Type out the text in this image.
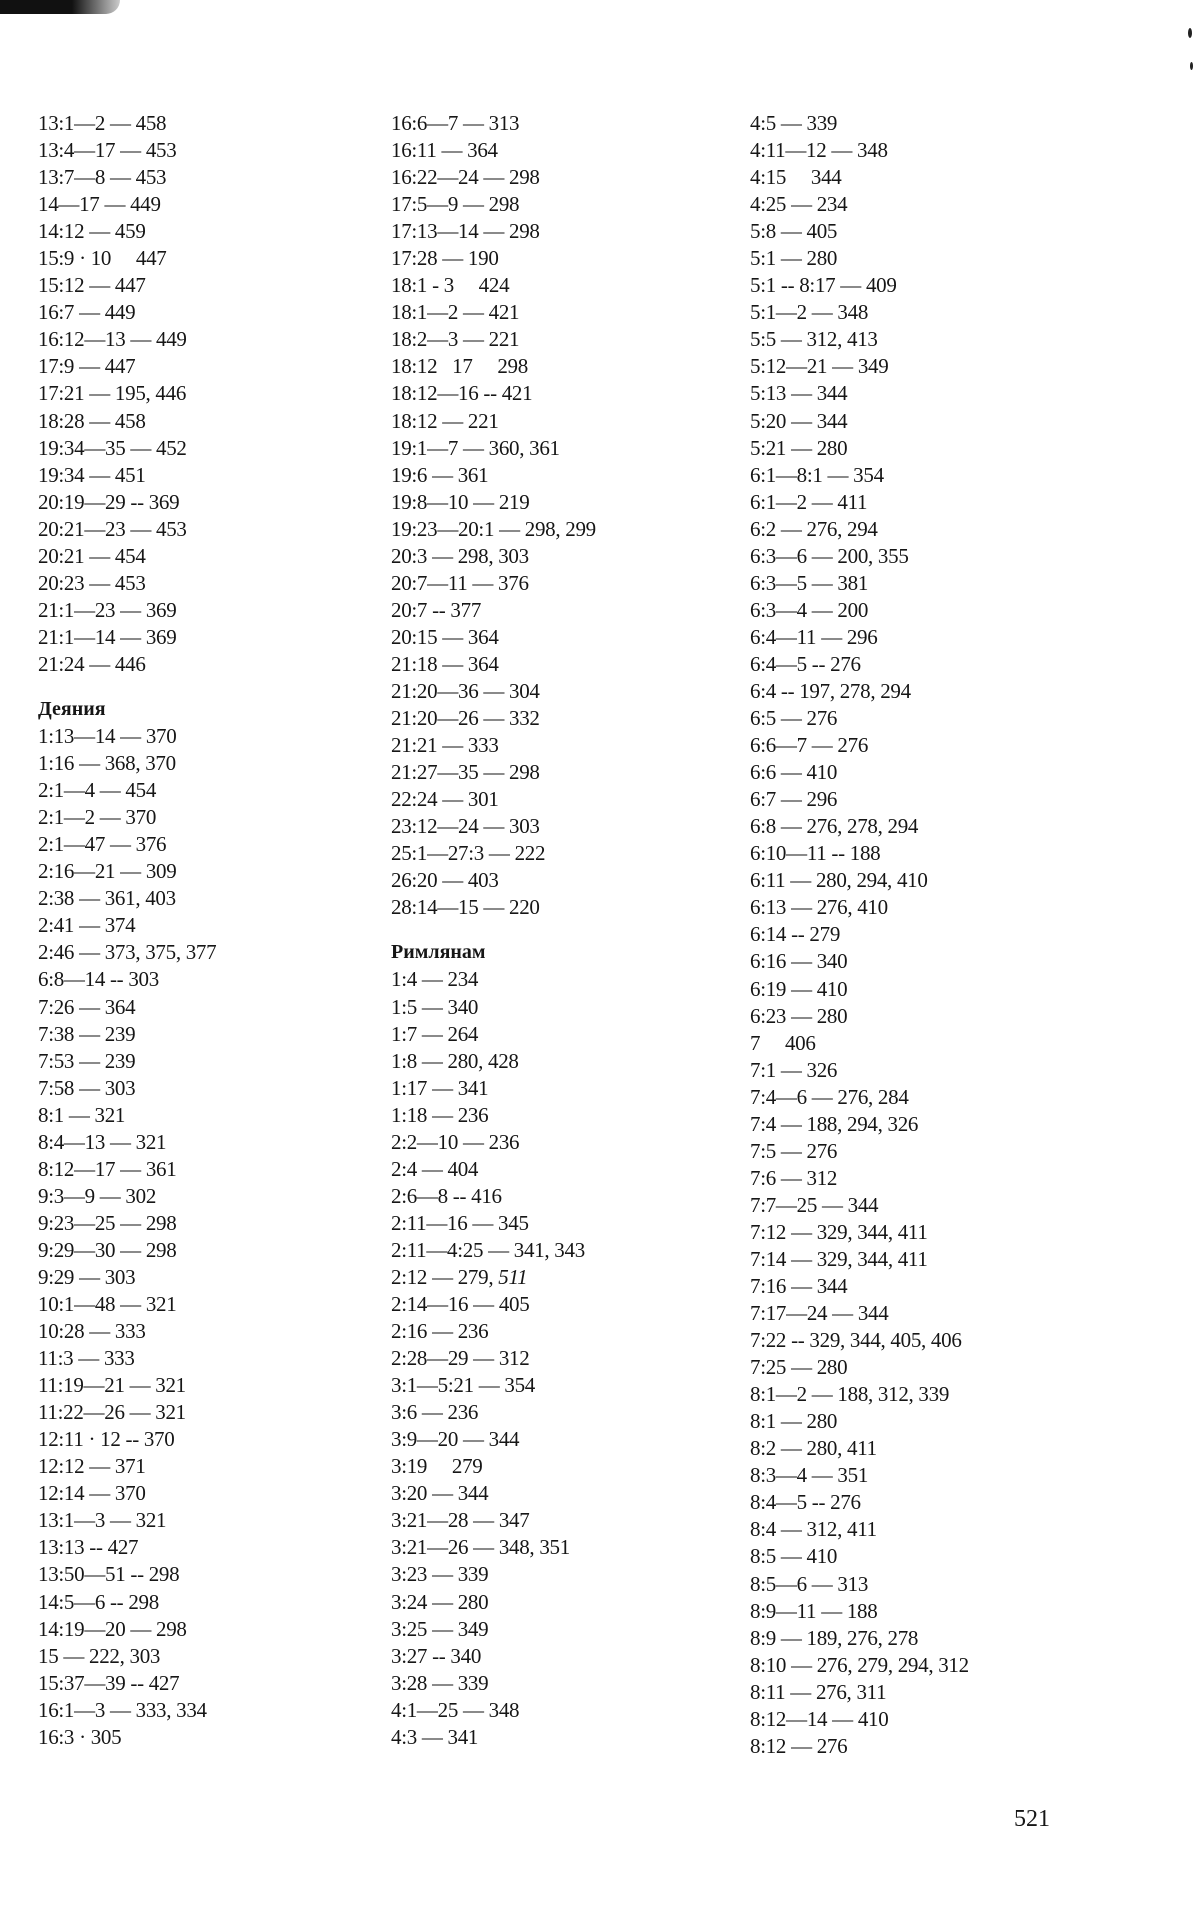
13:1—2 — 458
13:4—17 — 453
13:7—8 — 453
14—17 — 449
14:12 — 459
15:9 · 10     447
15:12 — 447
16:7 — 449
16:12—13 — 449
17:9 — 447
17:21 — 195, 446
18:28 — 458
19:34—35 — 452
19:34 — 451
20:19—29 -- 369
20:21—23 — 453
20:21 — 454
20:23 — 453
21:1—23 — 369
21:1—14 — 369
21:24 — 446
Деяния
1:13—14 — 370
1:16 — 368, 370
2:1—4 — 454
2:1—2 — 370
2:1—47 — 376
2:16—21 — 309
2:38 — 361, 403
2:41 — 374
2:46 — 373, 375, 377
6:8—14 -- 303
7:26 — 364
7:38 — 239
7:53 — 239
7:58 — 303
8:1 — 321
8:4—13 — 321
8:12—17 — 361
9:3—9 — 302
9:23—25 — 298
9:29—30 — 298
9:29 — 303
10:1—48 — 321
10:28 — 333
11:3 — 333
11:19—21 — 321
11:22—26 — 321
12:11 · 12 -- 370
12:12 — 371
12:14 — 370
13:1—3 — 321
13:13 -- 427
13:50—51 -- 298
14:5—6 -- 298
14:19—20 — 298
15 — 222, 303
15:37—39 -- 427
16:1—3 — 333, 334
16:3 · 305
16:6—7 — 313
16:11 — 364
16:22—24 — 298
17:5—9 — 298
17:13—14 — 298
17:28 — 190
18:1 - 3     424
18:1—2 — 421
18:2—3 — 221
18:12   17     298
18:12—16 -- 421
18:12 — 221
19:1—7 — 360, 361
19:6 — 361
19:8—10 — 219
19:23—20:1 — 298, 299
20:3 — 298, 303
20:7—11 — 376
20:7 -- 377
20:15 — 364
21:18 — 364
21:20—36 — 304
21:20—26 — 332
21:21 — 333
21:27—35 — 298
22:24 — 301
23:12—24 — 303
25:1—27:3 — 222
26:20 — 403
28:14—15 — 220
Римлянам
1:4 — 234
1:5 — 340
1:7 — 264
1:8 — 280, 428
1:17 — 341
1:18 — 236
2:2—10 — 236
2:4 — 404
2:6—8 -- 416
2:11—16 — 345
2:11—4:25 — 341, 343
2:12 — 279, 511
2:14—16 — 405
2:16 — 236
2:28—29 — 312
3:1—5:21 — 354
3:6 — 236
3:9—20 — 344
3:19     279
3:20 — 344
3:21—28 — 347
3:21—26 — 348, 351
3:23 — 339
3:24 — 280
3:25 — 349
3:27 -- 340
3:28 — 339
4:1—25 — 348
4:3 — 341
4:5 — 339
4:11—12 — 348
4:15     344
4:25 — 234
5:8 — 405
5:1 — 280
5:1 -- 8:17 — 409
5:1—2 — 348
5:5 — 312, 413
5:12—21 — 349
5:13 — 344
5:20 — 344
5:21 — 280
6:1—8:1 — 354
6:1—2 — 411
6:2 — 276, 294
6:3—6 — 200, 355
6:3—5 — 381
6:3—4 — 200
6:4—11 — 296
6:4—5 -- 276
6:4 -- 197, 278, 294
6:5 — 276
6:6—7 — 276
6:6 — 410
6:7 — 296
6:8 — 276, 278, 294
6:10—11 -- 188
6:11 — 280, 294, 410
6:13 — 276, 410
6:14 -- 279
6:16 — 340
6:19 — 410
6:23 — 280
7     406
7:1 — 326
7:4—6 — 276, 284
7:4 — 188, 294, 326
7:5 — 276
7:6 — 312
7:7—25 — 344
7:12 — 329, 344, 411
7:14 — 329, 344, 411
7:16 — 344
7:17—24 — 344
7:22 -- 329, 344, 405, 406
7:25 — 280
8:1—2 — 188, 312, 339
8:1 — 280
8:2 — 280, 411
8:3—4 — 351
8:4—5 -- 276
8:4 — 312, 411
8:5 — 410
8:5—6 — 313
8:9—11 — 188
8:9 — 189, 276, 278
8:10 — 276, 279, 294, 312
8:11 — 276, 311
8:12—14 — 410
8:12 — 276
521
